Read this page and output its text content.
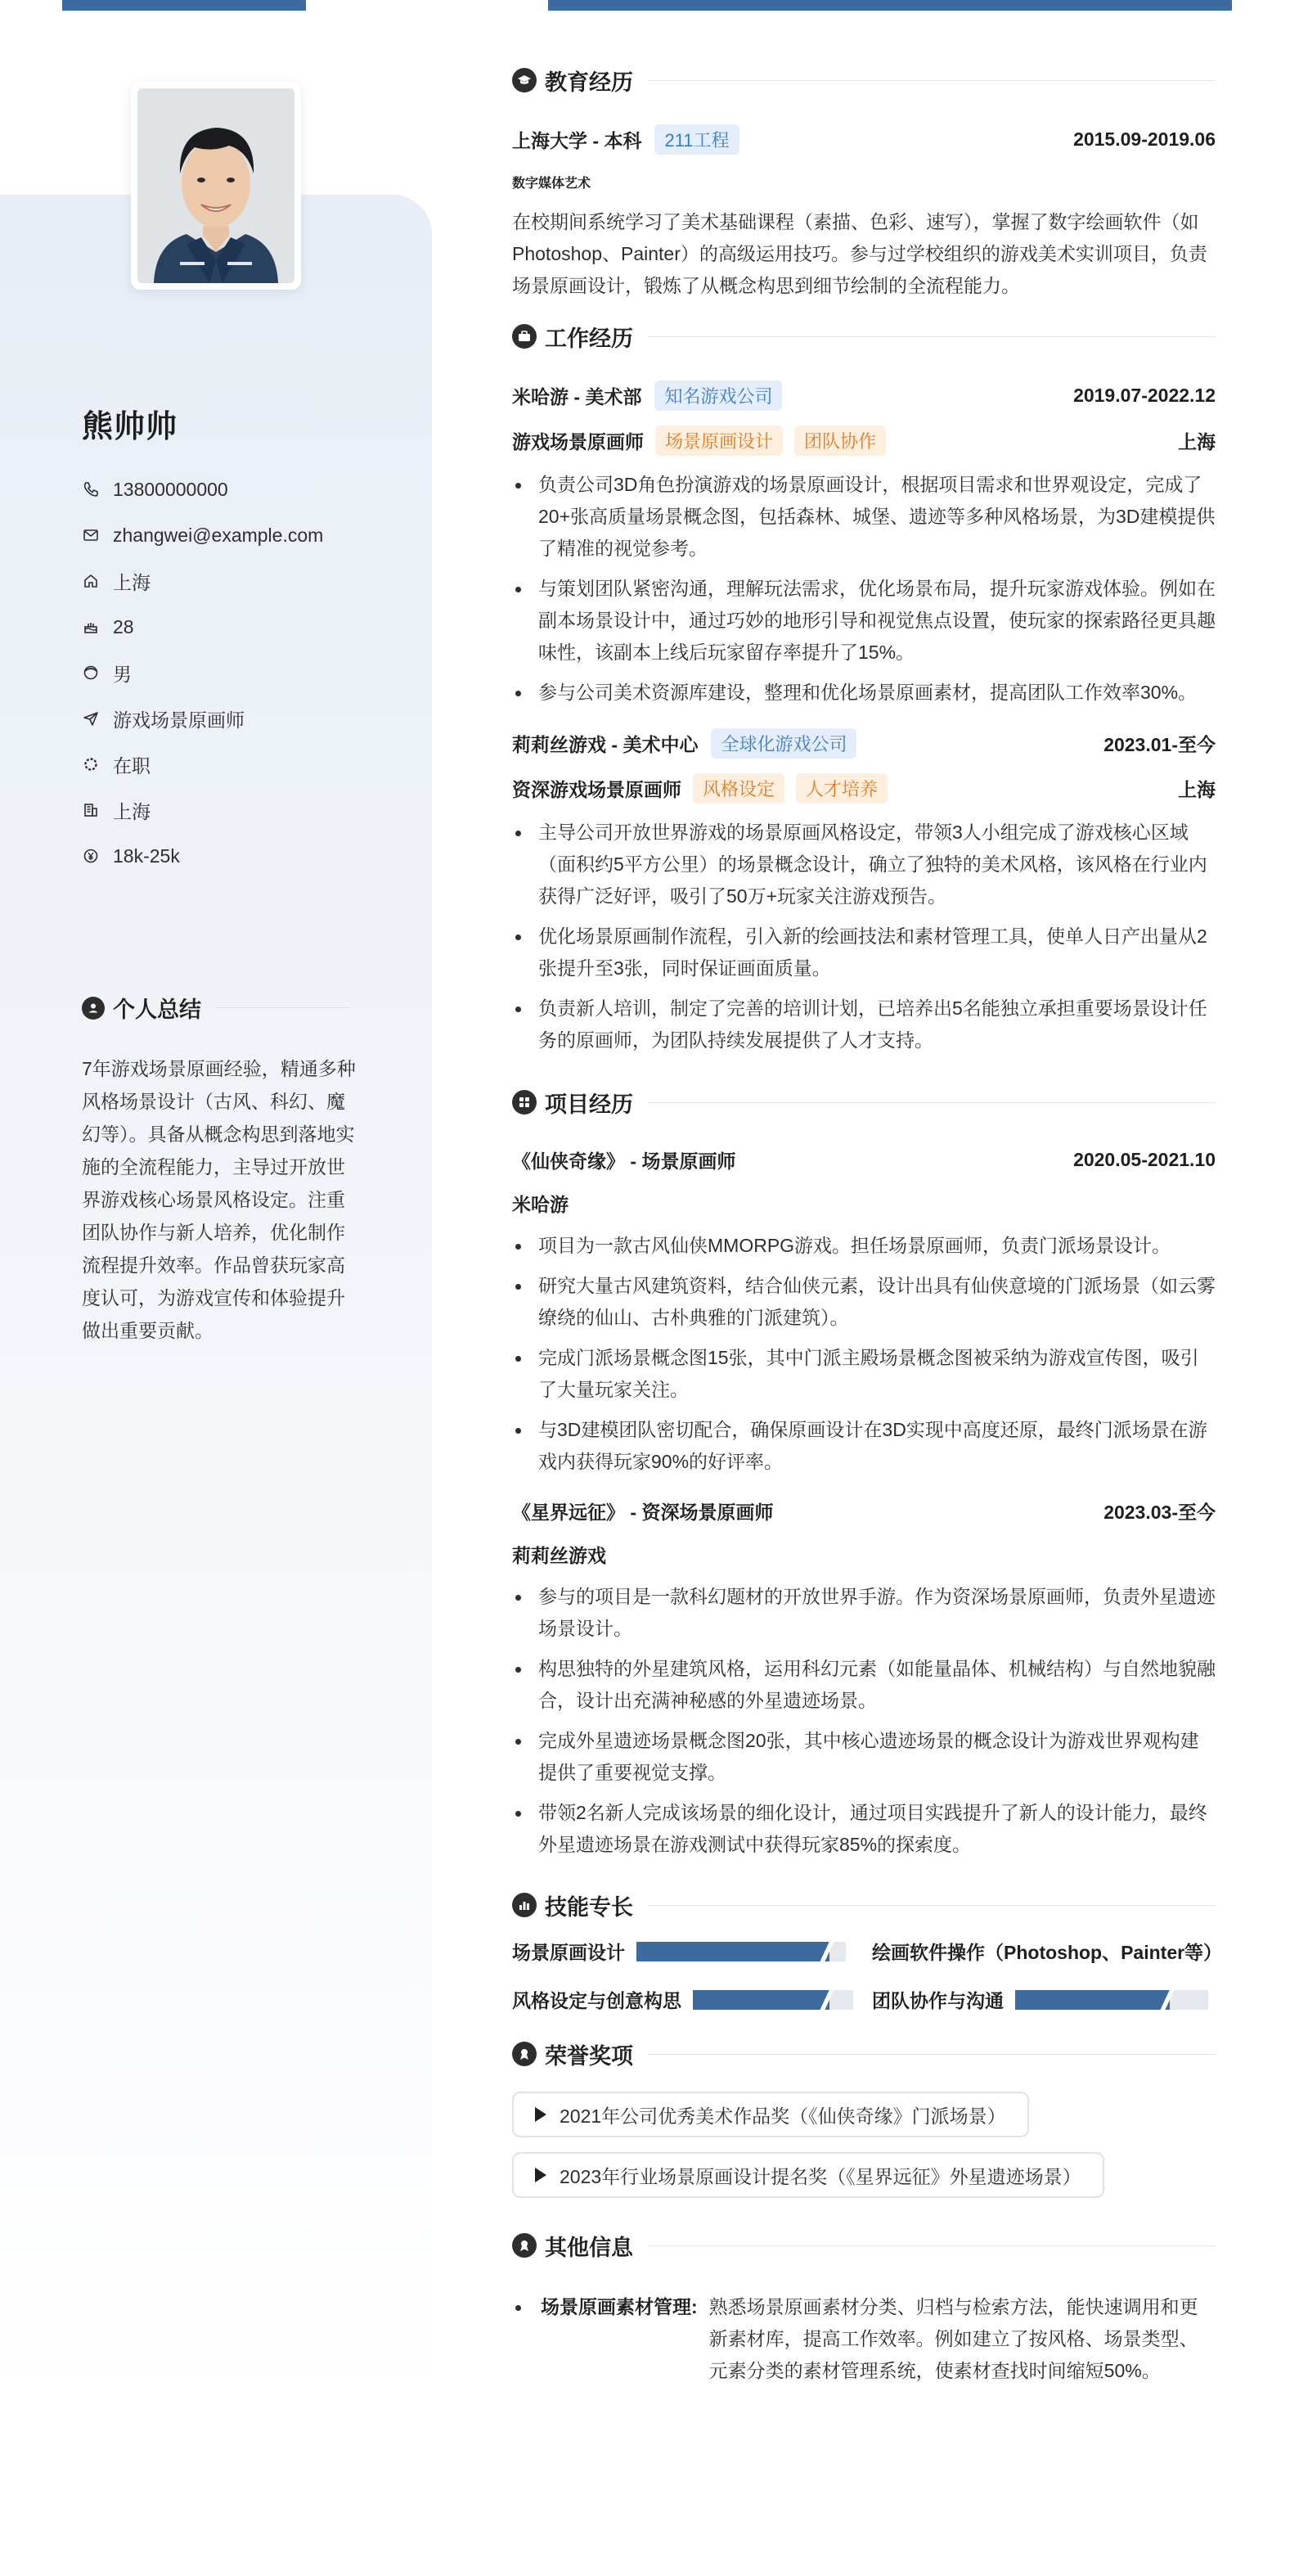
熊帅帅
13800000000
zhangwei@example.com
上海
28
男
游戏场景原画师
在职
上海
18k-25k
个人总结
7年游戏场景原画经验，精通多种风格场景设计（古风、科幻、魔幻等）。具备从概念构思到落地实施的全流程能力，主导过开放世界游戏核心场景风格设定。注重团队协作与新人培养，优化制作流程提升效率。作品曾获玩家高度认可，为游戏宣传和体验提升做出重要贡献。
教育经历
上海大学 - 本科	211工程	2015.09-2019.06
数字媒体艺术
在校期间系统学习了美术基础课程（素描、色彩、速写），掌握了数字绘画软件（如Photoshop、Painter）的高级运用技巧。参与过学校组织的游戏美术实训项目，负责场景原画设计，锻炼了从概念构思到细节绘制的全流程能力。
工作经历
米哈游 - 美术部	知名游戏公司	2019.07-2022.12
游戏场景原画师	场景原画设计	团队协作	上海
负责公司3D角色扮演游戏的场景原画设计，根据项目需求和世界观设定，完成了20+张高质量场景概念图，包括森林、城堡、遗迹等多种风格场景，为3D建模提供了精准的视觉参考。
与策划团队紧密沟通，理解玩法需求，优化场景布局，提升玩家游戏体验。例如在副本场景设计中，通过巧妙的地形引导和视觉焦点设置，使玩家的探索路径更具趣味性，该副本上线后玩家留存率提升了15%。
参与公司美术资源库建设，整理和优化场景原画素材，提高团队工作效率30%。
莉莉丝游戏 - 美术中心	全球化游戏公司	2023.01-至今
资深游戏场景原画师	风格设定	人才培养	上海
主导公司开放世界游戏的场景原画风格设定，带领3人小组完成了游戏核心区域（面积约5平方公里）的场景概念设计，确立了独特的美术风格，该风格在行业内获得广泛好评，吸引了50万+玩家关注游戏预告。
优化场景原画制作流程，引入新的绘画技法和素材管理工具，使单人日产出量从2张提升至3张，同时保证画面质量。
负责新人培训，制定了完善的培训计划，已培养出5名能独立承担重要场景设计任务的原画师，为团队持续发展提供了人才支持。
项目经历
《仙侠奇缘》 - 场景原画师	2020.05-2021.10
米哈游
项目为一款古风仙侠MMORPG游戏。担任场景原画师，负责门派场景设计。
研究大量古风建筑资料，结合仙侠元素，设计出具有仙侠意境的门派场景（如云雾缭绕的仙山、古朴典雅的门派建筑）。
完成门派场景概念图15张，其中门派主殿场景概念图被采纳为游戏宣传图，吸引了大量玩家关注。
与3D建模团队密切配合，确保原画设计在3D实现中高度还原，最终门派场景在游戏内获得玩家90%的好评率。
《星界远征》 - 资深场景原画师	2023.03-至今
莉莉丝游戏
参与的项目是一款科幻题材的开放世界手游。作为资深场景原画师，负责外星遗迹场景设计。
构思独特的外星建筑风格，运用科幻元素（如能量晶体、机械结构）与自然地貌融合，设计出充满神秘感的外星遗迹场景。
完成外星遗迹场景概念图20张，其中核心遗迹场景的概念设计为游戏世界观构建提供了重要视觉支撑。
带领2名新人完成该场景的细化设计，通过项目实践提升了新人的设计能力，最终外星遗迹场景在游戏测试中获得玩家85%的探索度。
技能专长
场景原画设计	绘画软件操作（Photoshop、Painter等）
风格设定与创意构思	团队协作与沟通
荣誉奖项
2021年公司优秀美术作品奖（《仙侠奇缘》门派场景）
2023年行业场景原画设计提名奖（《星界远征》外星遗迹场景）
其他信息
场景原画素材管理: 熟悉场景原画素材分类、归档与检索方法，能快速调用和更新素材库，提高工作效率。例如建立了按风格、场景类型、元素分类的素材管理系统，使素材查找时间缩短50%。
